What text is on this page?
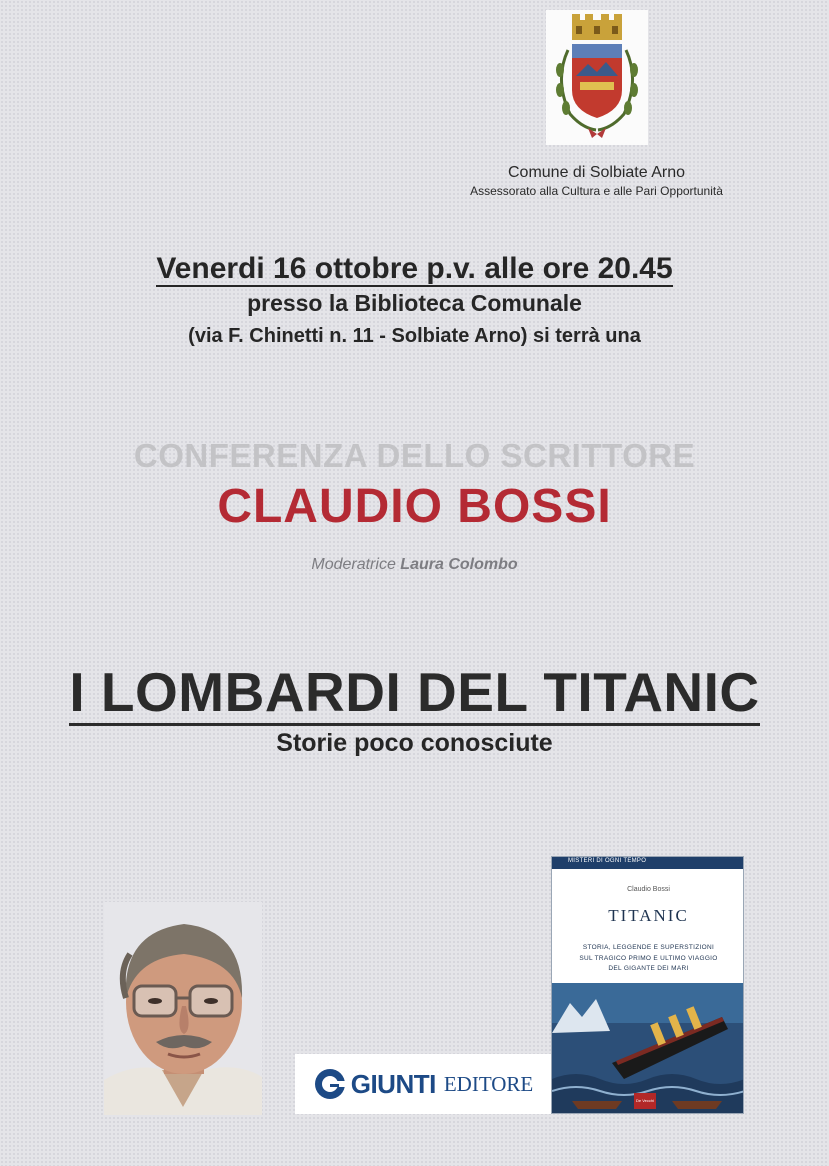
Comune di Solbiate Arno
Assessorato alla Cultura e alle Pari Opportunità
Venerdi 16 ottobre p.v. alle ore 20.45
presso la Biblioteca Comunale
(via F. Chinetti n. 11 - Solbiate Arno) si terrà una
CONFERENZA DELLO SCRITTORE
CLAUDIO BOSSI
Moderatrice Laura Colombo
I LOMBARDI DEL TITANIC
Storie poco conosciute
GIUNTI EDITORE
MISTERI DI OGNI TEMPO
Claudio Bossi
TITANIC
STORIA, LEGGENDE E SUPERSTIZIONI
SUL TRAGICO PRIMO E ULTIMO VIAGGIO
DEL GIGANTE DEI MARI
De Vecchi
